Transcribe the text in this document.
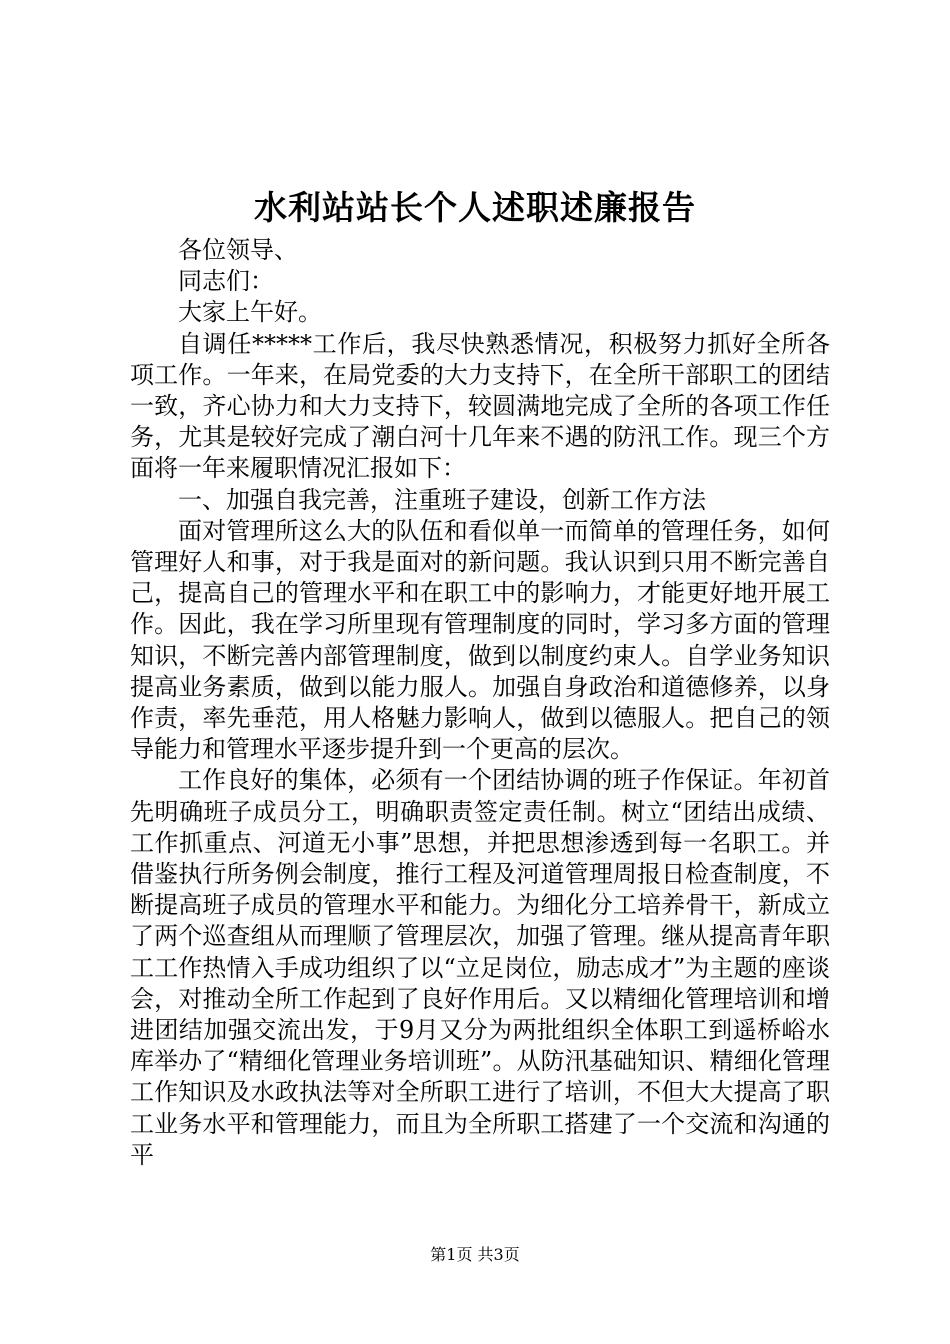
水利站站长个人述职述廉报告

各位领导、

同志们：

大家上午好。

自调任*****工作后，我尽快熟悉情况，积极努力抓好全所各项工作。一年来，在局党委的大力支持下，在全所干部职工的团结一致，齐心协力和大力支持下，较圆满地完成了全所的各项工作任务，尤其是较好完成了潮白河十几年来不遇的防汛工作。现三个方面将一年来履职情况汇报如下：

一、加强自我完善，注重班子建设，创新工作方法

面对管理所这么大的队伍和看似单一而简单的管理任务，如何管理好人和事，对于我是面对的新问题。我认识到只用不断完善自己，提高自己的管理水平和在职工中的影响力，才能更好地开展工作。因此，我在学习所里现有管理制度的同时，学习多方面的管理知识，不断完善内部管理制度，做到以制度约束人。自学业务知识提高业务素质，做到以能力服人。加强自身政治和道德修养，以身作责，率先垂范，用人格魅力影响人，做到以德服人。把自己的领导能力和管理水平逐步提升到一个更高的层次。

工作良好的集体，必须有一个团结协调的班子作保证。年初首先明确班子成员分工，明确职责签定责任制。树立“团结出成绩、工作抓重点、河道无小事”思想，并把思想渗透到每一名职工。并借鉴执行所务例会制度，推行工程及河道管理周报日检查制度，不断提高班子成员的管理水平和能力。为细化分工培养骨干，新成立了两个巡查组从而理顺了管理层次，加强了管理。继从提高青年职工工作热情入手成功组织了以“立足岗位，励志成才”为主题的座谈会，对推动全所工作起到了良好作用后。又以精细化管理培训和增进团结加强交流出发，于9月又分为两批组织全体职工到遥桥峪水库举办了“精细化管理业务培训班”。从防汛基础知识、精细化管理工作知识及水政执法等对全所职工进行了培训，不但大大提高了职工业务水平和管理能力，而且为全所职工搭建了一个交流和沟通的平

第1页 共3页
